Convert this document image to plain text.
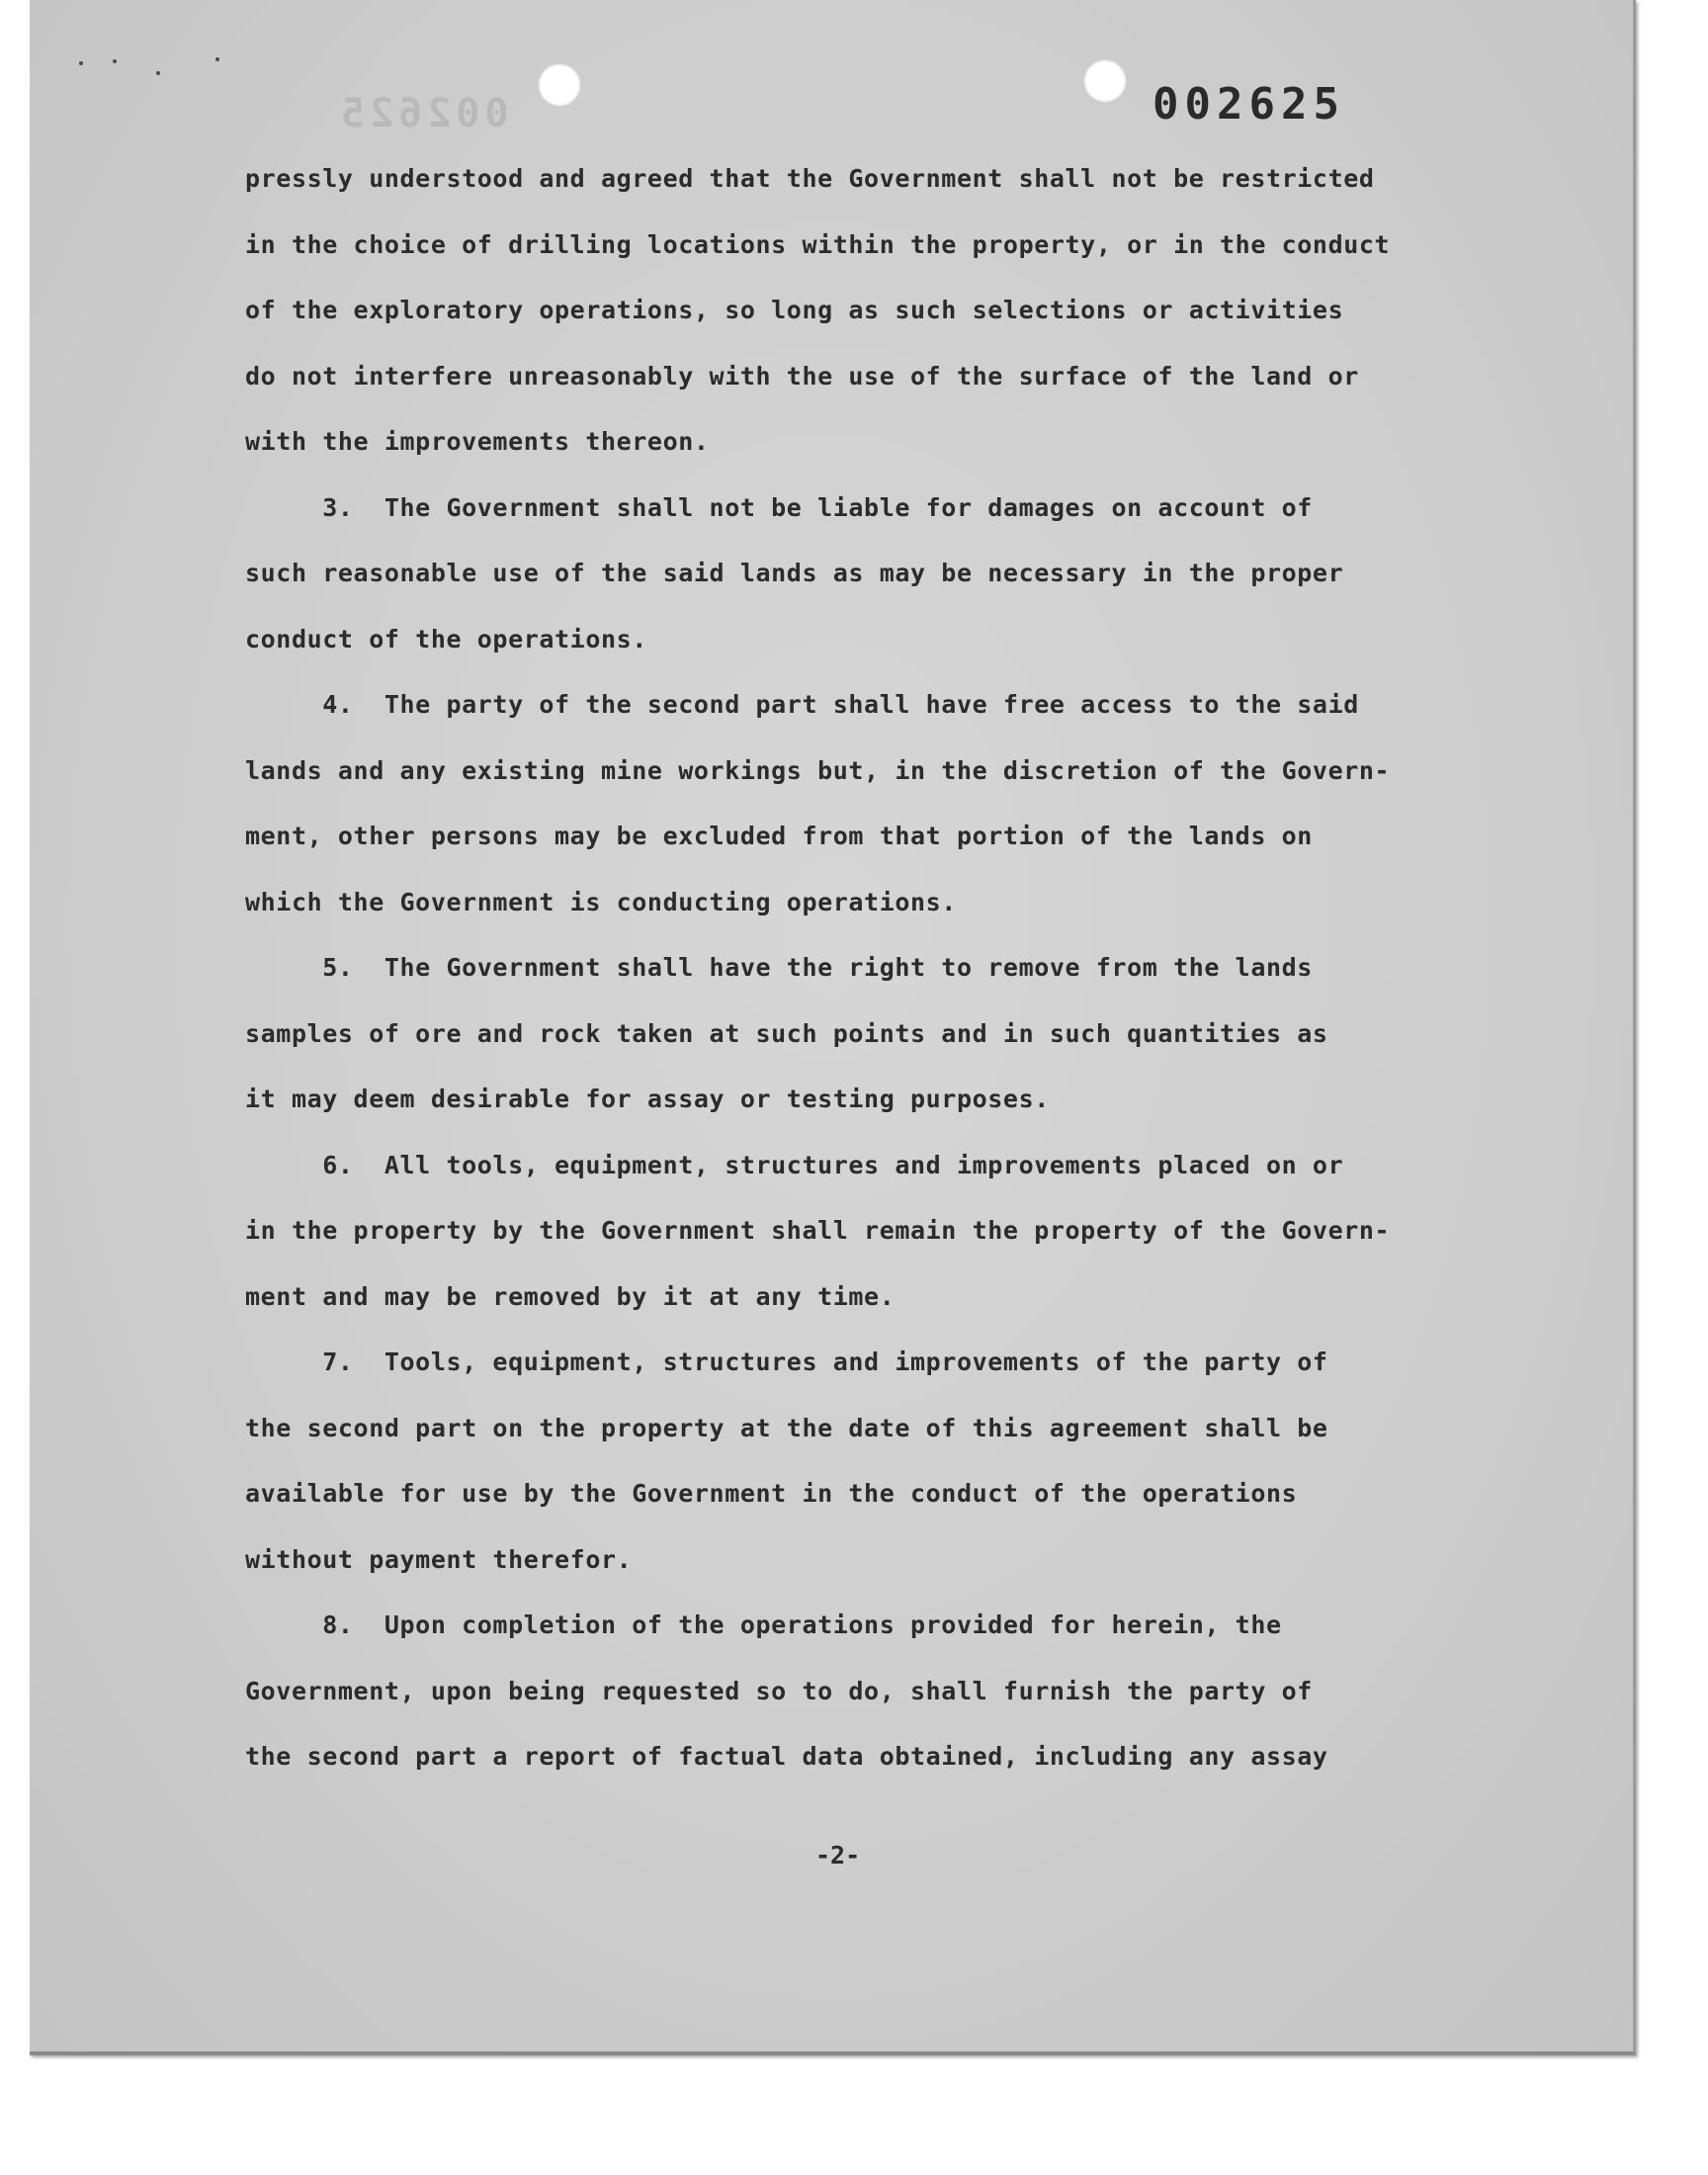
002625	002625
pressly understood and agreed that the Government shall not be restricted
in the choice of drilling locations within the property, or in the conduct
of the exploratory operations, so long as such selections or activities
do not interfere unreasonably with the use of the surface of the land or
with the improvements thereon.
3.  The Government shall not be liable for damages on account of
such reasonable use of the said lands as may be necessary in the proper
conduct of the operations.
4.  The party of the second part shall have free access to the said
lands and any existing mine workings but, in the discretion of the Govern-
ment, other persons may be excluded from that portion of the lands on
which the Government is conducting operations.
5.  The Government shall have the right to remove from the lands
samples of ore and rock taken at such points and in such quantities as
it may deem desirable for assay or testing purposes.
6.  All tools, equipment, structures and improvements placed on or
in the property by the Government shall remain the property of the Govern-
ment and may be removed by it at any time.
7.  Tools, equipment, structures and improvements of the party of
the second part on the property at the date of this agreement shall be
available for use by the Government in the conduct of the operations
without payment therefor.
8.  Upon completion of the operations provided for herein, the
Government, upon being requested so to do, shall furnish the party of
the second part a report of factual data obtained, including any assay
-2-
